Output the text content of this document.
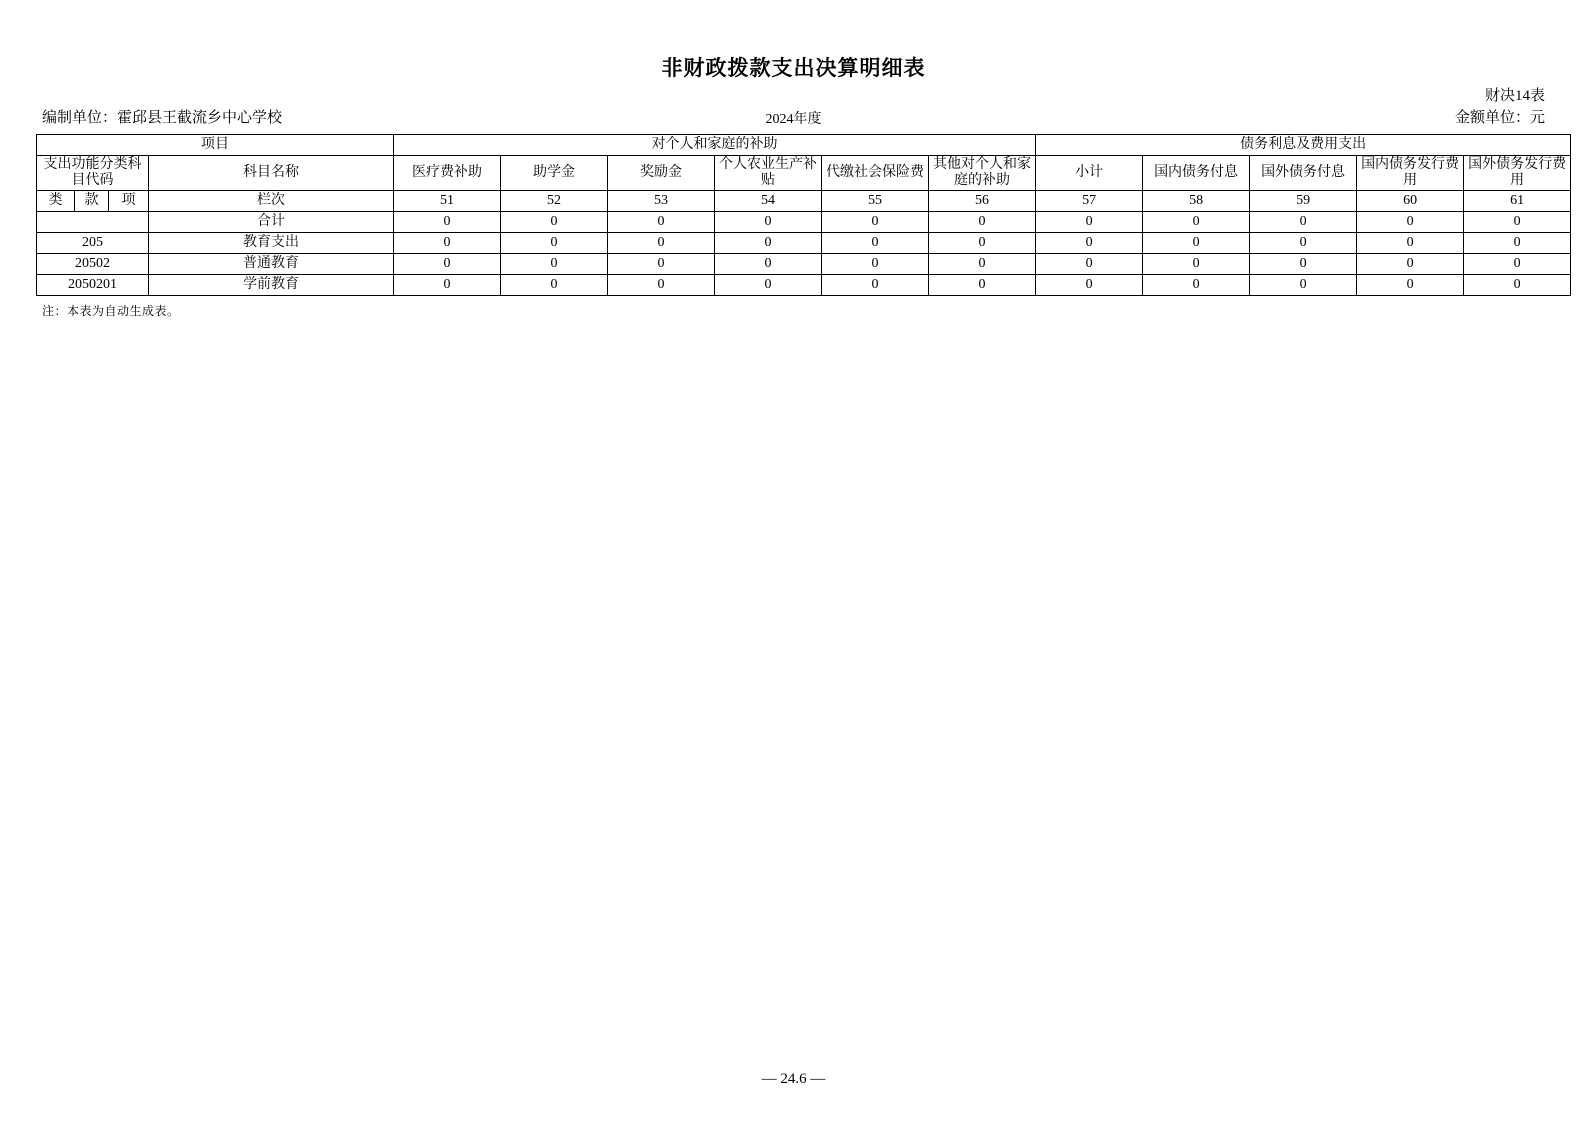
非财政拨款支出决算明细表
编制单位：霍邱县王截流乡中心学校	2024年度
财决14表
金额单位：元
项目				对个人和家庭的补助						债务利息及费用支出				
支出功能分类科目代码			科目名称	医疗费补助	助学金	奖励金	个人农业生产补贴	代缴社会保险费	其他对个人和家庭的补助	小计	国内债务付息	国外债务付息	国内债务发行费用	国外债务发行费用

类	款	项	栏次	51	52	53	54	55	56	57	58	59	60	61
			合计	0	0	0	0	0	0	0	0	0	0	0
205			教育支出	0	0	0	0	0	0	0	0	0	0	0
20502			普通教育	0	0	0	0	0	0	0	0	0	0	0
2050201			学前教育	0	0	0	0	0	0	0	0	0	0	0
注：本表为自动生成表。
— 24.6 —
